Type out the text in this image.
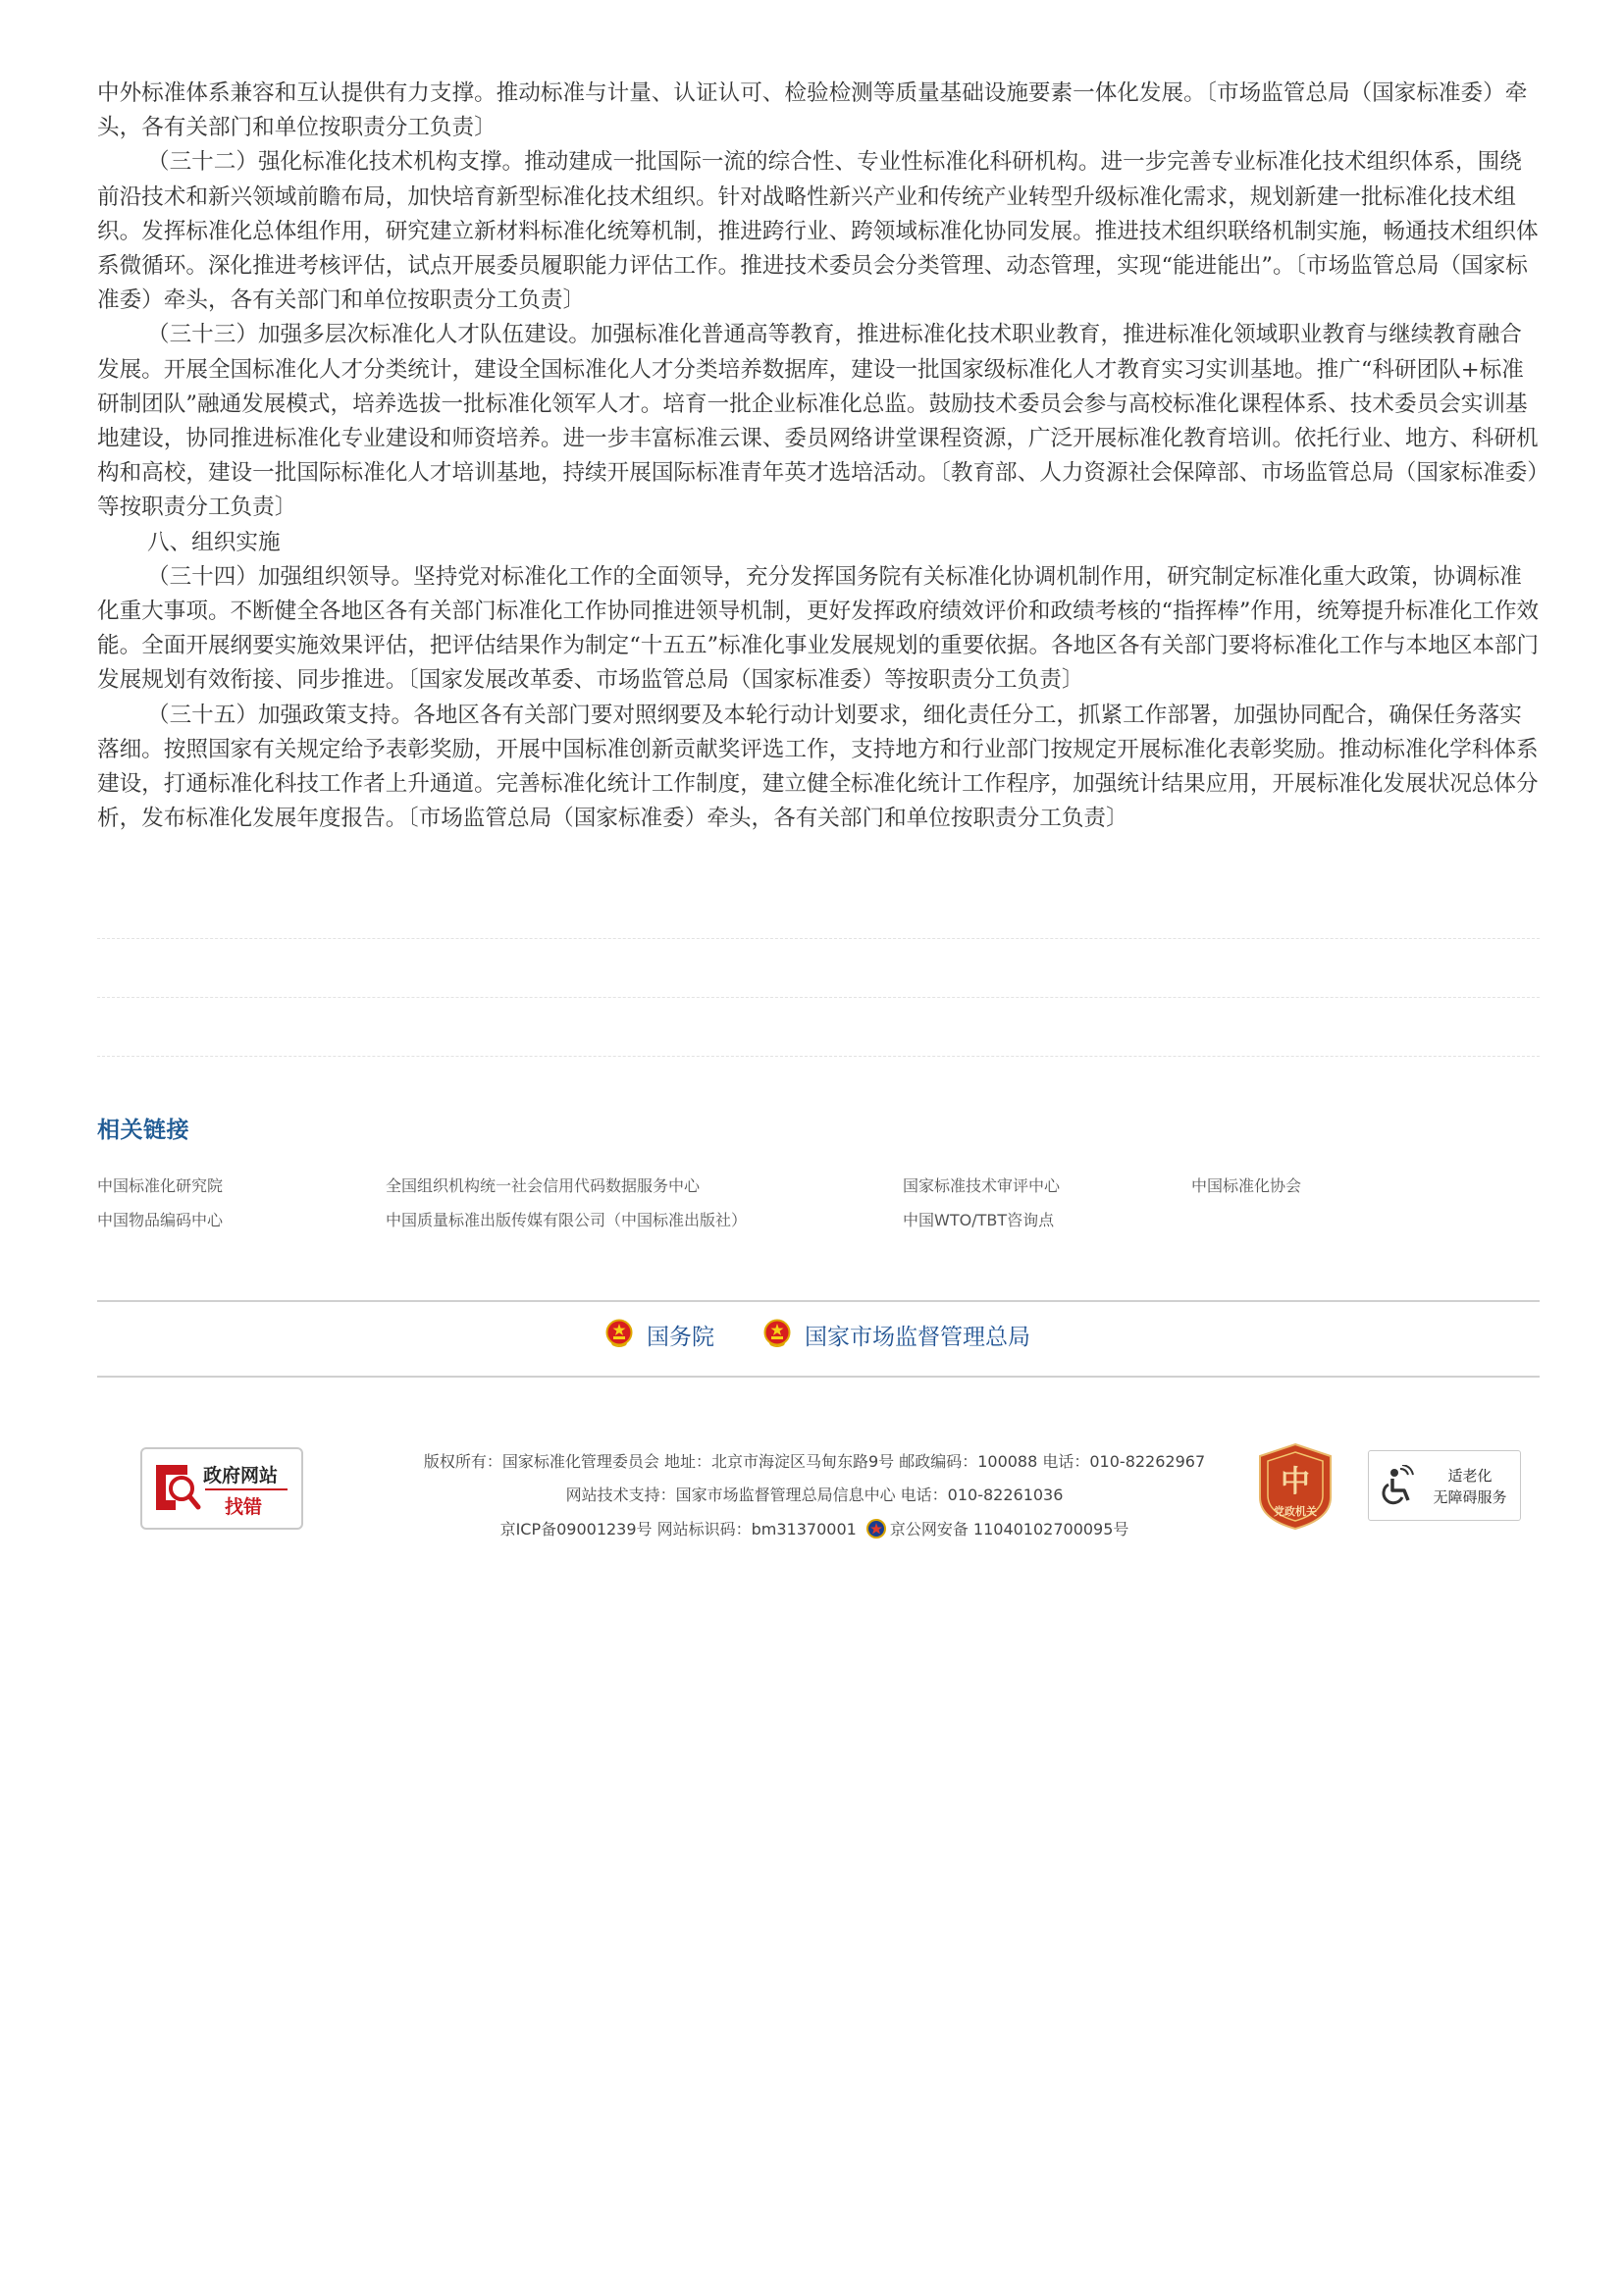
中外标准体系兼容和互认提供有力支撑。推动标准与计量、认证认可、检验检测等质量基础设施要素一体化发展。〔市场监管总局（国家标准委）牵头，各有关部门和单位按职责分工负责〕

（三十二）强化标准化技术机构支撑。推动建成一批国际一流的综合性、专业性标准化科研机构。进一步完善专业标准化技术组织体系，围绕前沿技术和新兴领域前瞻布局，加快培育新型标准化技术组织。针对战略性新兴产业和传统产业转型升级标准化需求，规划新建一批标准化技术组织。发挥标准化总体组作用，研究建立新材料标准化统筹机制，推进跨行业、跨领域标准化协同发展。推进技术组织联络机制实施，畅通技术组织体系微循环。深化推进考核评估，试点开展委员履职能力评估工作。推进技术委员会分类管理、动态管理，实现“能进能出”。〔市场监管总局（国家标准委）牵头，各有关部门和单位按职责分工负责〕

（三十三）加强多层次标准化人才队伍建设。加强标准化普通高等教育，推进标准化技术职业教育，推进标准化领域职业教育与继续教育融合发展。开展全国标准化人才分类统计，建设全国标准化人才分类培养数据库，建设一批国家级标准化人才教育实习实训基地。推广“科研团队+标准研制团队”融通发展模式，培养选拔一批标准化领军人才。培育一批企业标准化总监。鼓励技术委员会参与高校标准化课程体系、技术委员会实训基地建设，协同推进标准化专业建设和师资培养。进一步丰富标准云课、委员网络讲堂课程资源，广泛开展标准化教育培训。依托行业、地方、科研机构和高校，建设一批国际标准化人才培训基地，持续开展国际标准青年英才选培活动。〔教育部、人力资源社会保障部、市场监管总局（国家标准委）等按职责分工负责〕

八、组织实施

（三十四）加强组织领导。坚持党对标准化工作的全面领导，充分发挥国务院有关标准化协调机制作用，研究制定标准化重大政策，协调标准化重大事项。不断健全各地区各有关部门标准化工作协同推进领导机制，更好发挥政府绩效评价和政绩考核的“指挥棒”作用，统筹提升标准化工作效能。全面开展纲要实施效果评估，把评估结果作为制定“十五五”标准化事业发展规划的重要依据。各地区各有关部门要将标准化工作与本地区本部门发展规划有效衔接、同步推进。〔国家发展改革委、市场监管总局（国家标准委）等按职责分工负责〕

（三十五）加强政策支持。各地区各有关部门要对照纲要及本轮行动计划要求，细化责任分工，抓紧工作部署，加强协同配合，确保任务落实落细。按照国家有关规定给予表彰奖励，开展中国标准创新贡献奖评选工作，支持地方和行业部门按规定开展标准化表彰奖励。推动标准化学科体系建设，打通标准化科技工作者上升通道。完善标准化统计工作制度，建立健全标准化统计工作程序，加强统计结果应用，开展标准化发展状况总体分析，发布标准化发展年度报告。〔市场监管总局（国家标准委）牵头，各有关部门和单位按职责分工负责〕

相关链接
中国标准化研究院	全国组织机构统一社会信用代码数据服务中心	国家标准技术审评中心	中国标准化协会
中国物品编码中心	中国质量标准出版传媒有限公司（中国标准出版社）	中国WTO/TBT咨询点
国务院	国家市场监督管理总局
政府网站
找错
版权所有：国家标准化管理委员会 地址：北京市海淀区马甸东路9号 邮政编码：100088 电话：010-82262967
网站技术支持：国家市场监督管理总局信息中心 电话：010-82261036
京ICP备09001239号 网站标识码：bm31370001 京公网安备 11040102700095号
中
党政机关
适老化
无障碍服务
